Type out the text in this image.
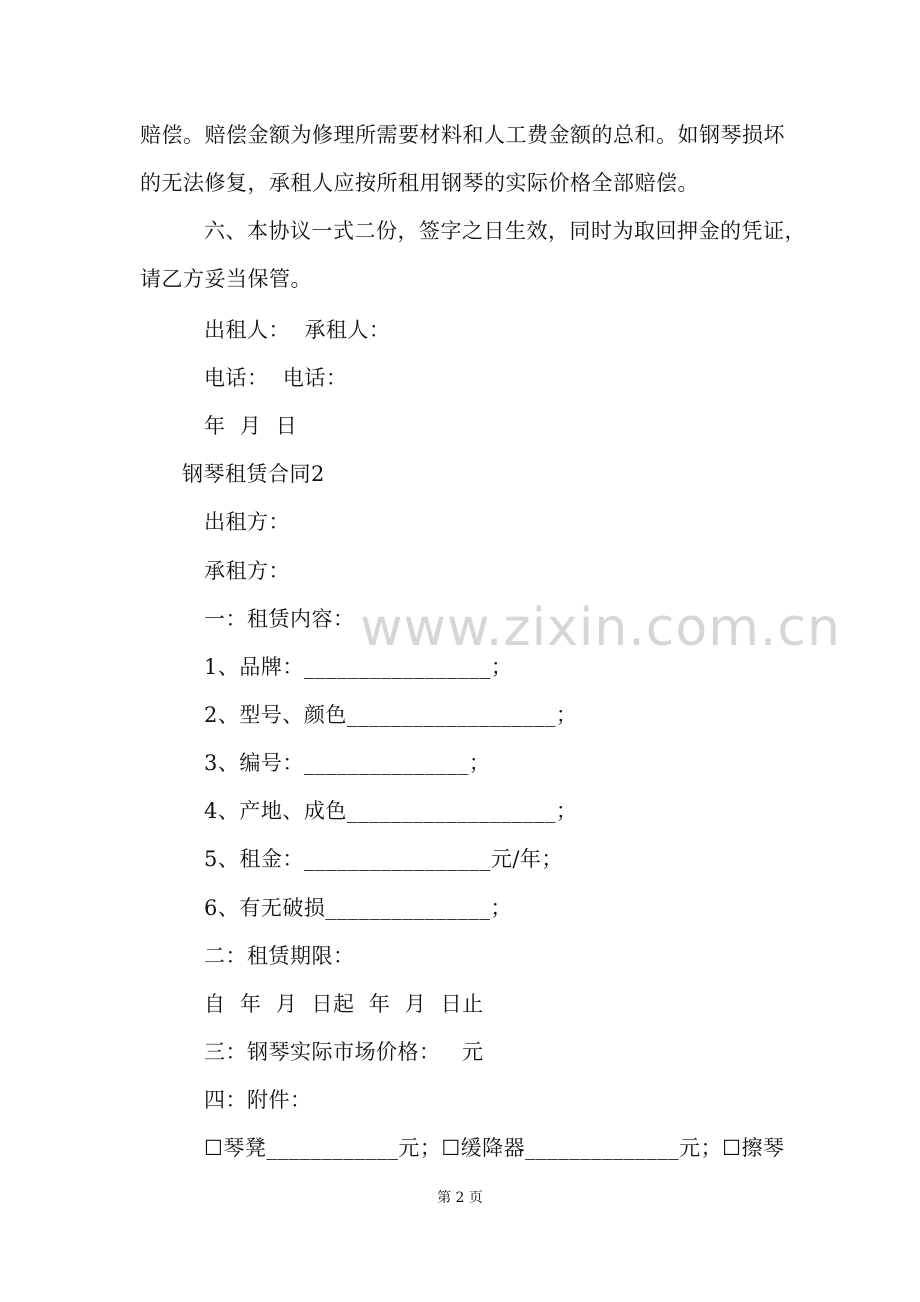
www.zixin.com.cn
赔偿。赔偿金额为修理所需要材料和人工费金额的总和。如钢琴损坏
的无法修复，承租人应按所租用钢琴的实际价格全部赔偿。
六、本协议一式二份，签字之日生效，同时为取回押金的凭证，
请乙方妥当保管。
出租人：  承租人：
电话：  电话：
年  月  日
钢琴租赁合同2
出租方：
承租方：
一：租赁内容：
1、品牌：_________________；
2、型号、颜色___________________；
3、编号：_______________；
4、产地、成色___________________；
5、租金：_________________元/年；
6、有无破损_______________；
二：租赁期限：
自  年  月  日起  年  月  日止
三：钢琴实际市场价格：   元
四：附件：
☐琴凳____________元；☐缓降器______________元；☐擦琴
第 2 页
